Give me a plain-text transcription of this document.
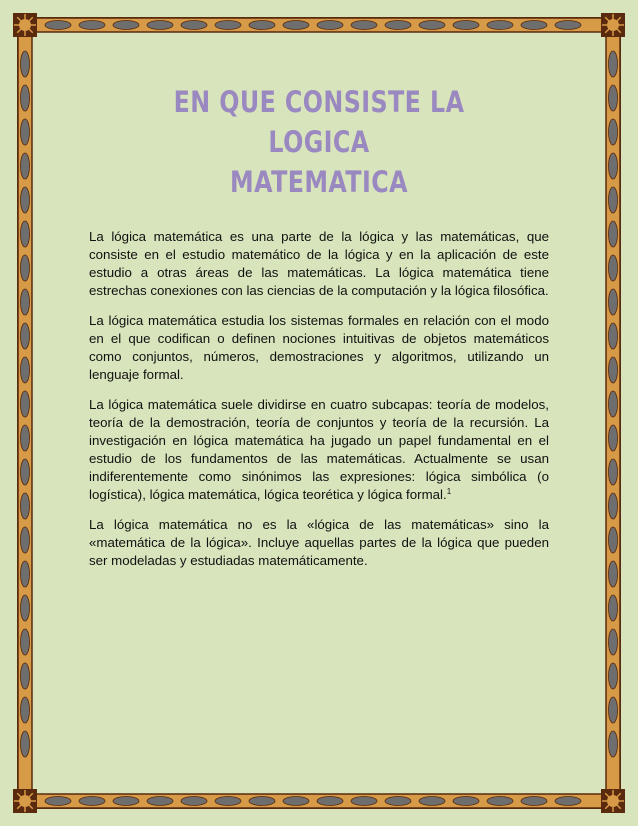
EN QUE CONSISTE LA LOGICA
MATEMATICA

La lógica matemática es una parte de la lógica y las matemáticas, que consiste en el estudio matemático de la lógica y en la aplicación de este estudio a otras áreas de las matemáticas. La lógica matemática tiene estrechas conexiones con las ciencias de la computación y la lógica filosófica.

La lógica matemática estudia los sistemas formales en relación con el modo en el que codifican o definen nociones intuitivas de objetos matemáticos como conjuntos, números, demostraciones y algoritmos, utilizando un lenguaje formal.

La lógica matemática suele dividirse en cuatro subcapas: teoría de modelos, teoría de la demostración, teoría de conjuntos y teoría de la recursión. La investigación en lógica matemática ha jugado un papel fundamental en el estudio de los fundamentos de las matemáticas. Actualmente se usan indiferentemente como sinónimos las expresiones: lógica simbólica (o logística), lógica matemática, lógica teorética y lógica formal.$^1$

La lógica matemática no es la «lógica de las matemáticas» sino la «matemática de la lógica». Incluye aquellas partes de la lógica que pueden ser modeladas y estudiadas matemáticamente.
